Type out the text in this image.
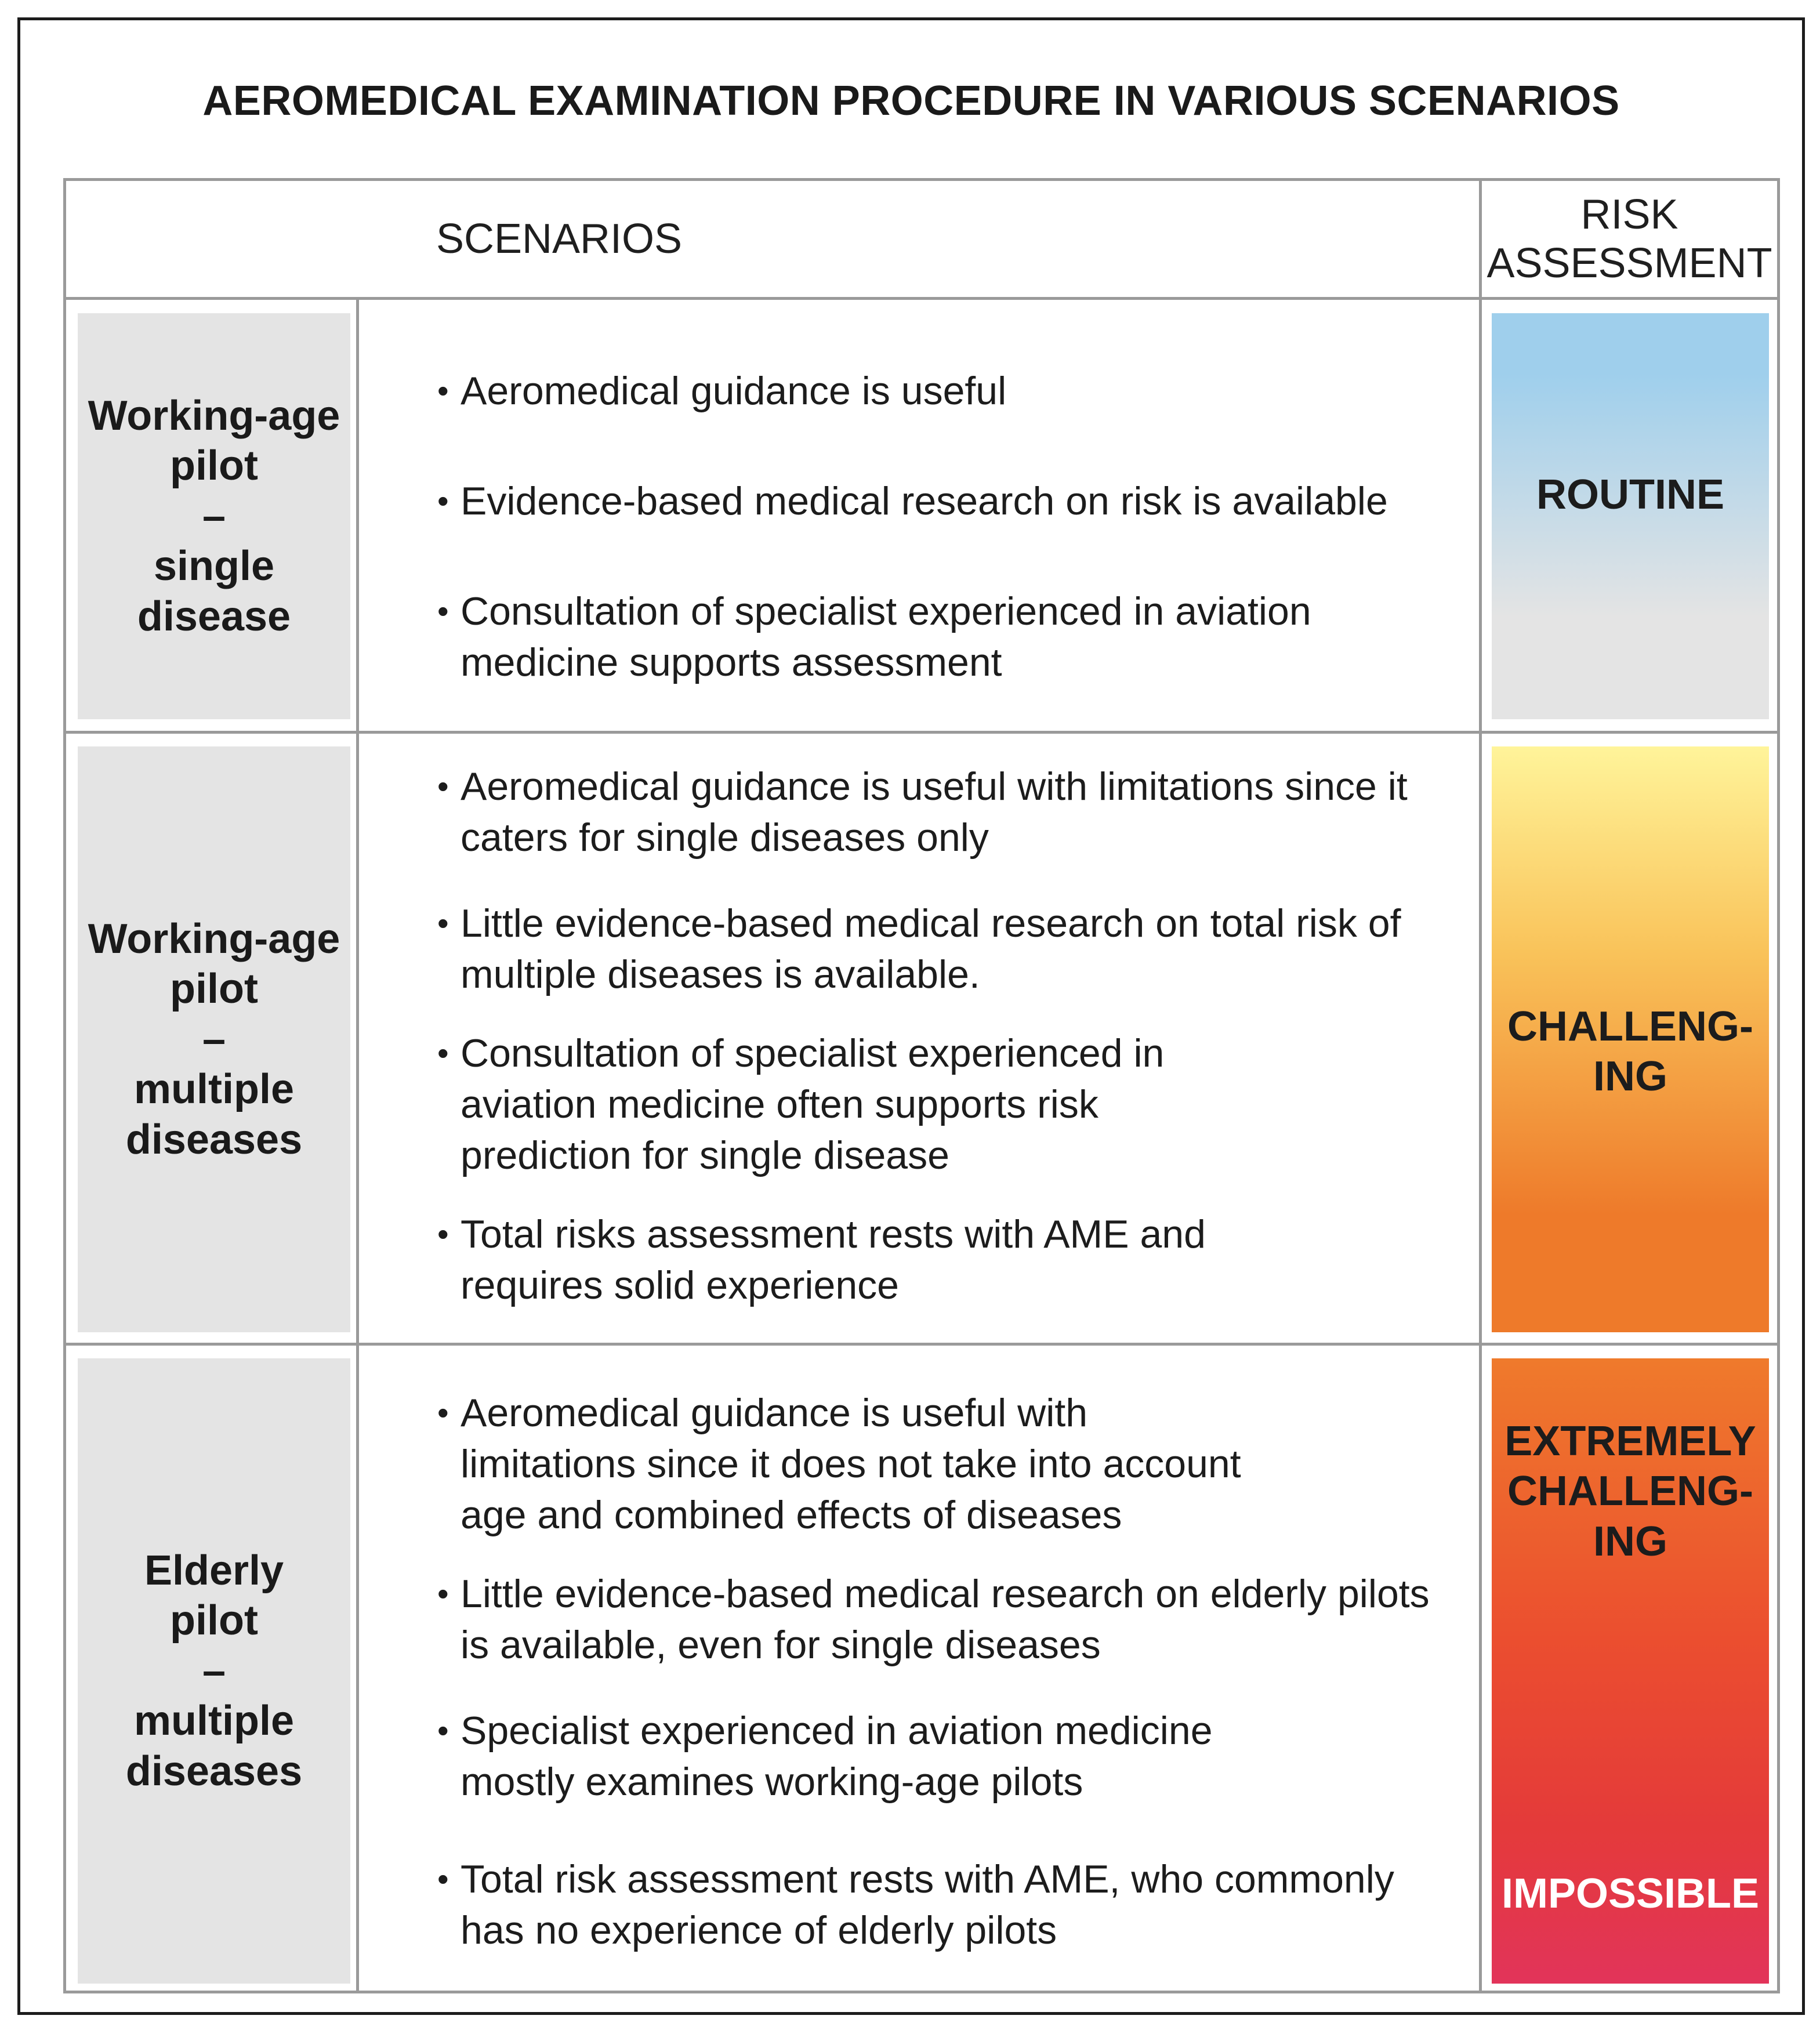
AEROMEDICAL EXAMINATION PROCEDURE IN VARIOUS SCENARIOS
SCENARIOS
RISK
ASSESSMENT
Working-age
pilot
–
single
disease
• Aeromedical guidance is useful
• Evidence-based medical research on risk is available
• Consultation of specialist experienced in aviation medicine supports assessment
ROUTINE
Working-age
pilot
–
multiple
diseases
• Aeromedical guidance is useful with limitations since it caters for single diseases only
• Little evidence-based medical research on total risk of multiple diseases is available.
• Consultation of specialist experienced in aviation medicine often supports risk prediction for single disease
• Total risks assessment rests with AME and requires solid experience
CHALLENG-
ING
Elderly
pilot
–
multiple
diseases
• Aeromedical guidance is useful with limitations since it does not take into account age and combined effects of diseases
• Little evidence-based medical research on elderly pilots is available, even for single diseases
• Specialist experienced in aviation medicine mostly examines working-age pilots
• Total risk assessment rests with AME, who commonly has no experience of elderly pilots
EXTREMELY
CHALLENG-
ING
IMPOSSIBLE
